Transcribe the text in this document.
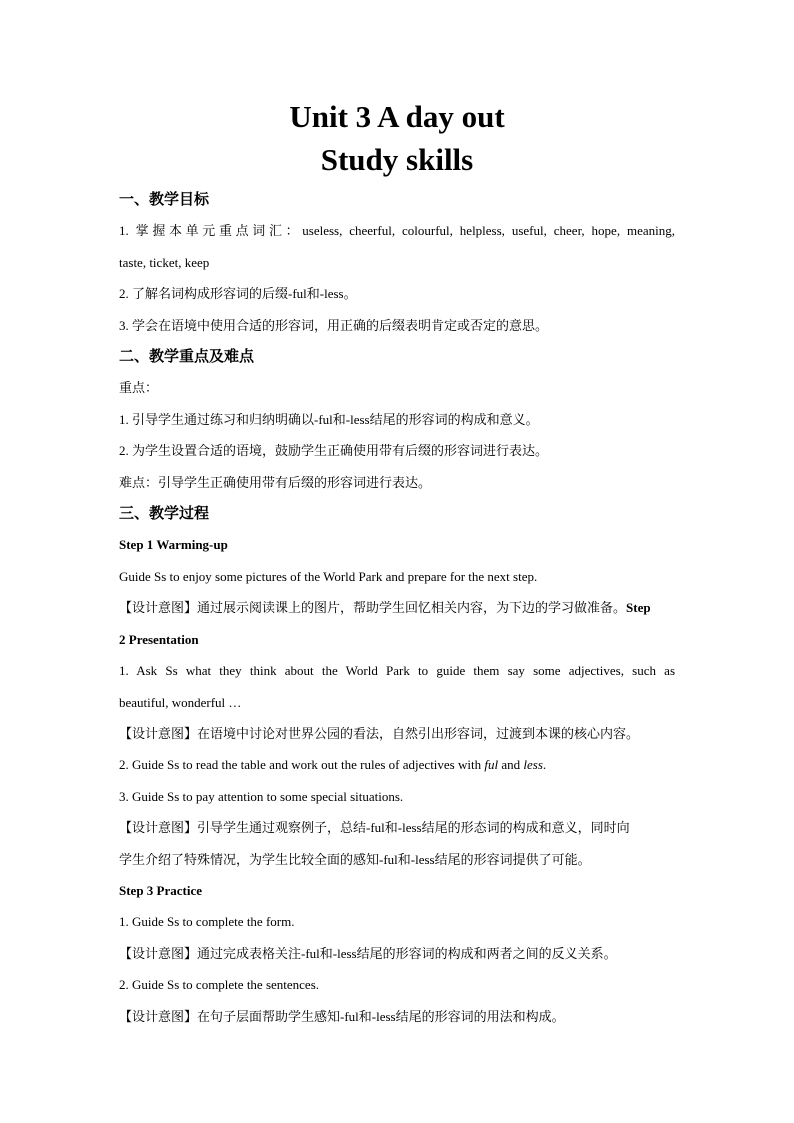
Unit 3 A day out
Study skills

一、教学目标

1. 掌握本单元重点词汇：useless, cheerful, colourful, helpless, useful, cheer, hope, meaning,

taste, ticket, keep

2. 了解名词构成形容词的后缀-ful和-less。

3. 学会在语境中使用合适的形容词，用正确的后缀表明肯定或否定的意思。

二、教学重点及难点

重点：

1. 引导学生通过练习和归纳明确以-ful和-less结尾的形容词的构成和意义。

2. 为学生设置合适的语境，鼓励学生正确使用带有后缀的形容词进行表达。

难点：引导学生正确使用带有后缀的形容词进行表达。

三、教学过程

Step 1 Warming-up

Guide Ss to enjoy some pictures of the World Park and prepare for the next step.

【设计意图】通过展示阅读课上的图片，帮助学生回忆相关内容，为下边的学习做准备。Step

2 Presentation

1. Ask Ss what they think about the World Park to guide them say some adjectives, such as

beautiful, wonderful …

【设计意图】在语境中讨论对世界公园的看法，自然引出形容词，过渡到本课的核心内容。

2. Guide Ss to read the table and work out the rules of adjectives with ful and less.

3. Guide Ss to pay attention to some special situations.

【设计意图】引导学生通过观察例子，总结-ful和-less结尾的形态词的构成和意义，同时向

学生介绍了特殊情况，为学生比较全面的感知-ful和-less结尾的形容词提供了可能。

Step 3 Practice

1. Guide Ss to complete the form.

【设计意图】通过完成表格关注-ful和-less结尾的形容词的构成和两者之间的反义关系。

2. Guide Ss to complete the sentences.

【设计意图】在句子层面帮助学生感知-ful和-less结尾的形容词的用法和构成。
